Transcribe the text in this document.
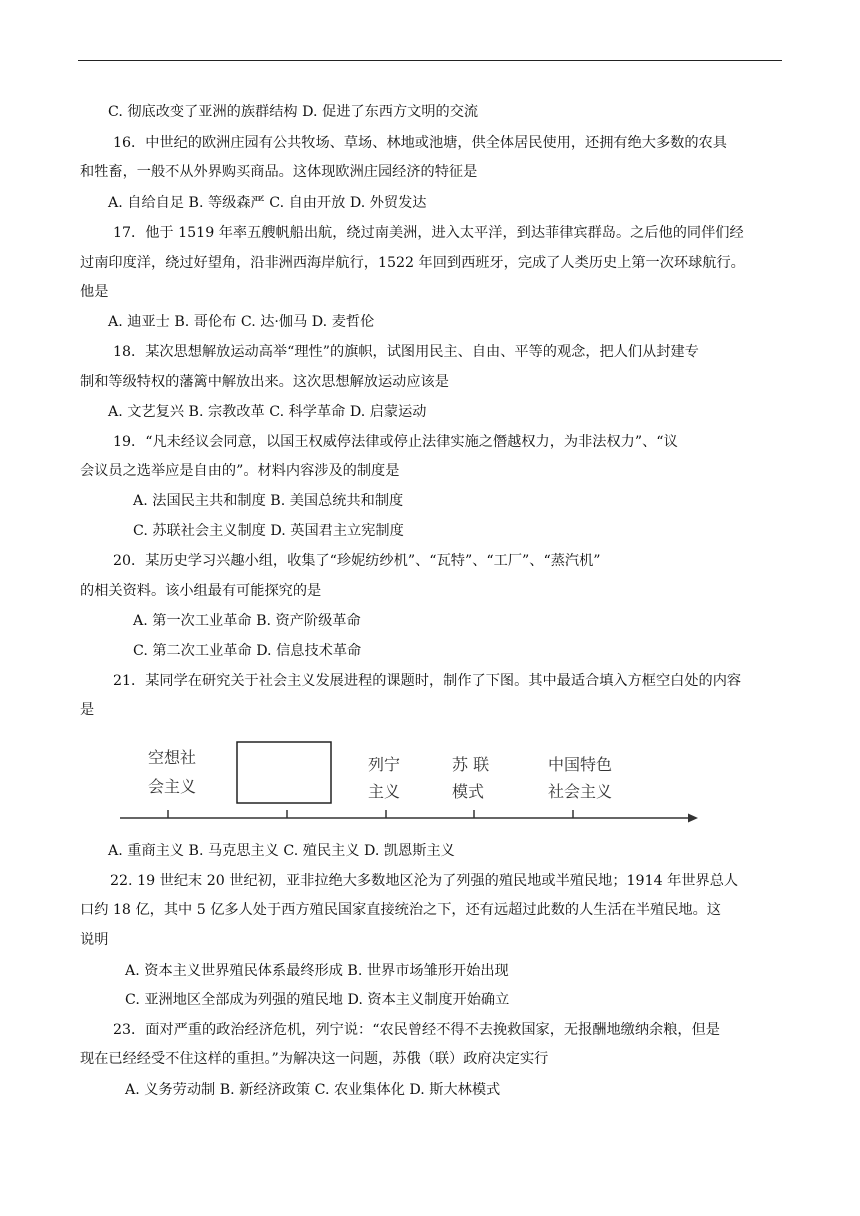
C. 彻底改变了亚洲的族群结构 D. 促进了东西方文明的交流
16．中世纪的欧洲庄园有公共牧场、草场、林地或池塘，供全体居民使用，还拥有绝大多数的农具
和牲畜，一般不从外界购买商品。这体现欧洲庄园经济的特征是
A. 自给自足 B. 等级森严 C. 自由开放 D. 外贸发达
17．他于 1519 年率五艘帆船出航，绕过南美洲，进入太平洋，到达菲律宾群岛。之后他的同伴们经
过南印度洋，绕过好望角，沿非洲西海岸航行，1522 年回到西班牙，完成了人类历史上第一次环球航行。
他是
A. 迪亚士 B. 哥伦布 C. 达·伽马 D. 麦哲伦
18．某次思想解放运动高举“理性”的旗帜，试图用民主、自由、平等的观念，把人们从封建专
制和等级特权的藩篱中解放出来。这次思想解放运动应该是
A. 文艺复兴 B. 宗教改革 C. 科学革命 D. 启蒙运动
19．“凡未经议会同意，以国王权威停法律或停止法律实施之僭越权力，为非法权力”、“议
会议员之选举应是自由的”。材料内容涉及的制度是
A. 法国民主共和制度 B. 美国总统共和制度
C. 苏联社会主义制度 D. 英国君主立宪制度
20．某历史学习兴趣小组，收集了“珍妮纺纱机”、“瓦特”、“工厂”、“蒸汽机”
的相关资料。该小组最有可能探究的是
A. 第一次工业革命 B. 资产阶级革命
C. 第二次工业革命 D. 信息技术革命
21．某同学在研究关于社会主义发展进程的课题时，制作了下图。其中最适合填入方框空白处的内容
是
空想社
会主义
列宁
主义
苏 联
模式
中国特色
社会主义
A. 重商主义 B. 马克思主义 C. 殖民主义 D. 凯恩斯主义
22. 19 世纪末 20 世纪初，亚非拉绝大多数地区沦为了列强的殖民地或半殖民地；1914 年世界总人
口约 18 亿，其中 5 亿多人处于西方殖民国家直接统治之下，还有远超过此数的人生活在半殖民地。这
说明
A. 资本主义世界殖民体系最终形成 B. 世界市场雏形开始出现
C. 亚洲地区全部成为列强的殖民地 D. 资本主义制度开始确立
23．面对严重的政治经济危机，列宁说：“农民曾经不得不去挽救国家，无报酬地缴纳余粮，但是
现在已经经受不住这样的重担。”为解决这一问题，苏俄（联）政府决定实行
A. 义务劳动制 B. 新经济政策 C. 农业集体化 D. 斯大林模式
